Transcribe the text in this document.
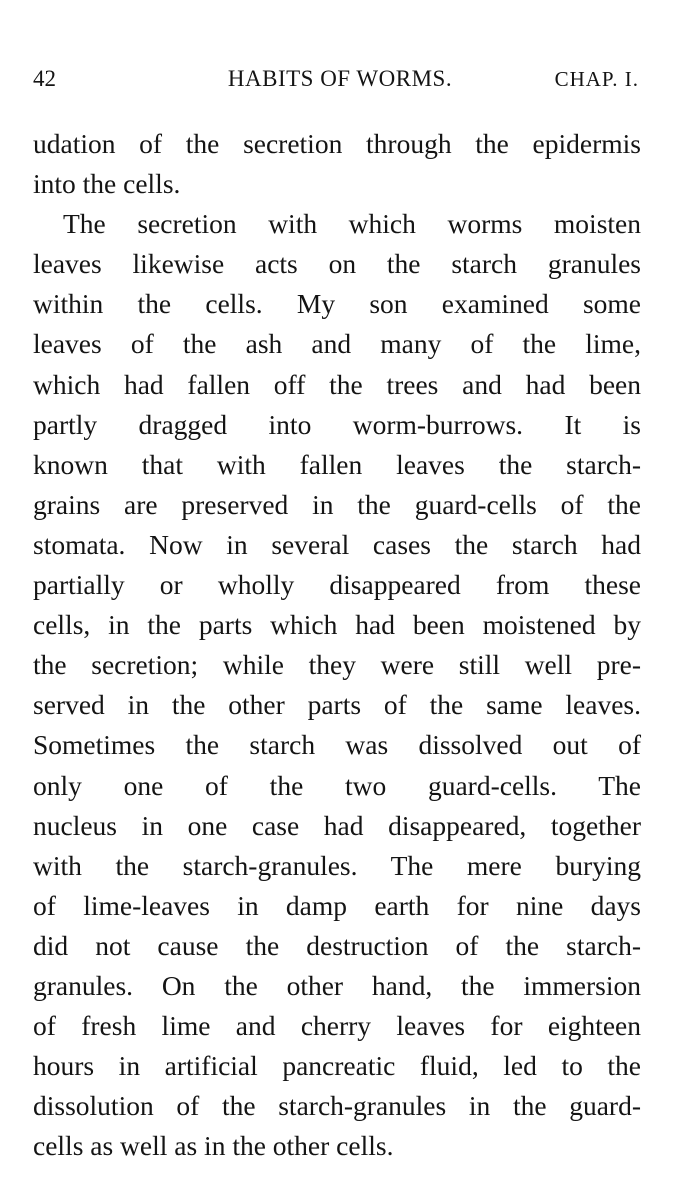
42	HABITS OF WORMS.	CHAP. I.
udation of the secretion through the epidermis
into the cells.
The secretion with which worms moisten
leaves likewise acts on the starch granules
within the cells. My son examined some
leaves of the ash and many of the lime,
which had fallen off the trees and had been
partly dragged into worm-burrows. It is
known that with fallen leaves the starch-
grains are preserved in the guard-cells of the
stomata. Now in several cases the starch had
partially or wholly disappeared from these
cells, in the parts which had been moistened by
the secretion; while they were still well pre-
served in the other parts of the same leaves.
Sometimes the starch was dissolved out of
only one of the two guard-cells. The
nucleus in one case had disappeared, together
with the starch-granules. The mere burying
of lime-leaves in damp earth for nine days
did not cause the destruction of the starch-
granules. On the other hand, the immersion
of fresh lime and cherry leaves for eighteen
hours in artificial pancreatic fluid, led to the
dissolution of the starch-granules in the guard-
cells as well as in the other cells.
